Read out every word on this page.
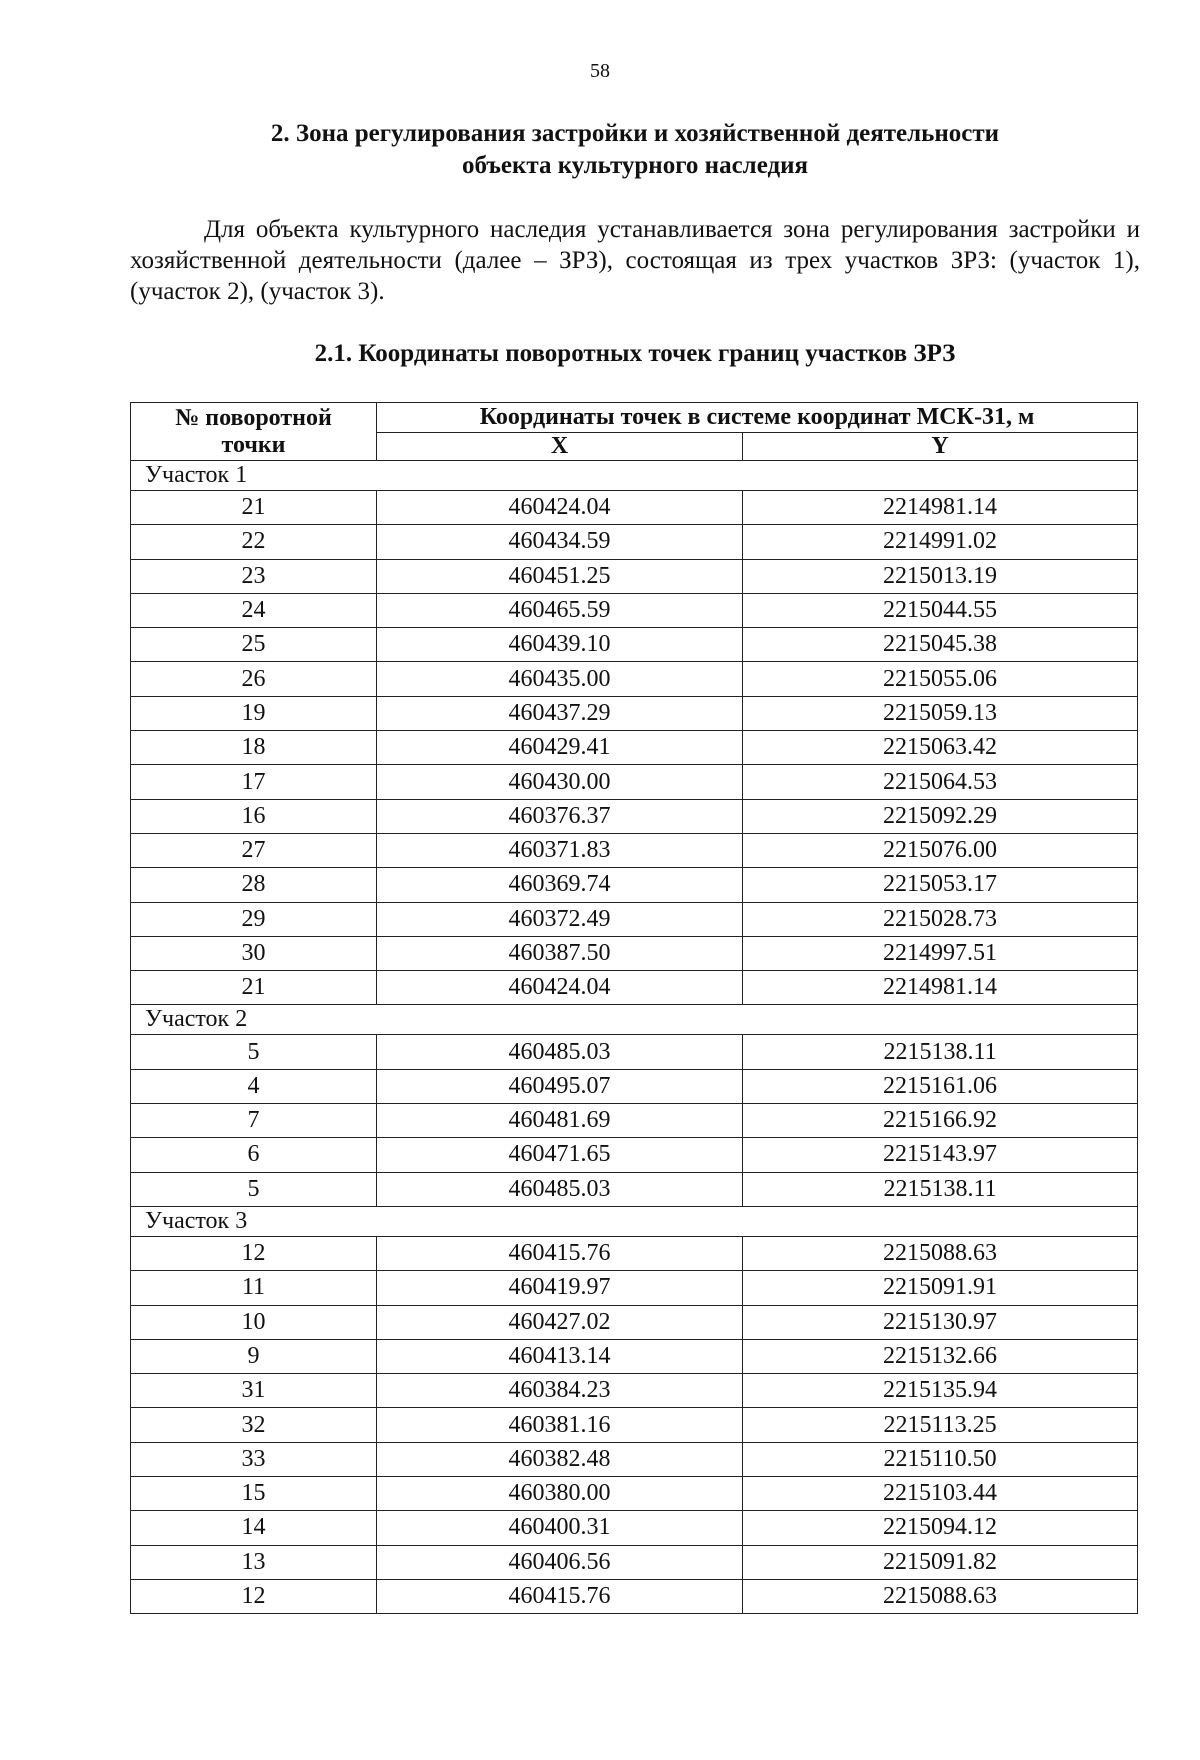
58
2. Зона регулирования застройки и хозяйственной деятельности
объекта культурного наследия

Для объекта культурного наследия устанавливается зона регулирования застройки и хозяйственной деятельности (далее – ЗРЗ), состоящая из трех участков ЗРЗ: (участок 1), (участок 2), (участок 3).

2.1. Координаты поворотных точек границ участков ЗРЗ
№ поворотной
точки	Координаты точек в системе координат МСК-31, м	
	X	Y
Участок 1		
21	460424.04	2214981.14
22	460434.59	2214991.02
23	460451.25	2215013.19
24	460465.59	2215044.55
25	460439.10	2215045.38
26	460435.00	2215055.06
19	460437.29	2215059.13
18	460429.41	2215063.42
17	460430.00	2215064.53
16	460376.37	2215092.29
27	460371.83	2215076.00
28	460369.74	2215053.17
29	460372.49	2215028.73
30	460387.50	2214997.51
21	460424.04	2214981.14
Участок 2		
5	460485.03	2215138.11
4	460495.07	2215161.06
7	460481.69	2215166.92
6	460471.65	2215143.97
5	460485.03	2215138.11
Участок 3		
12	460415.76	2215088.63
11	460419.97	2215091.91
10	460427.02	2215130.97
9	460413.14	2215132.66
31	460384.23	2215135.94
32	460381.16	2215113.25
33	460382.48	2215110.50
15	460380.00	2215103.44
14	460400.31	2215094.12
13	460406.56	2215091.82
12	460415.76	2215088.63
